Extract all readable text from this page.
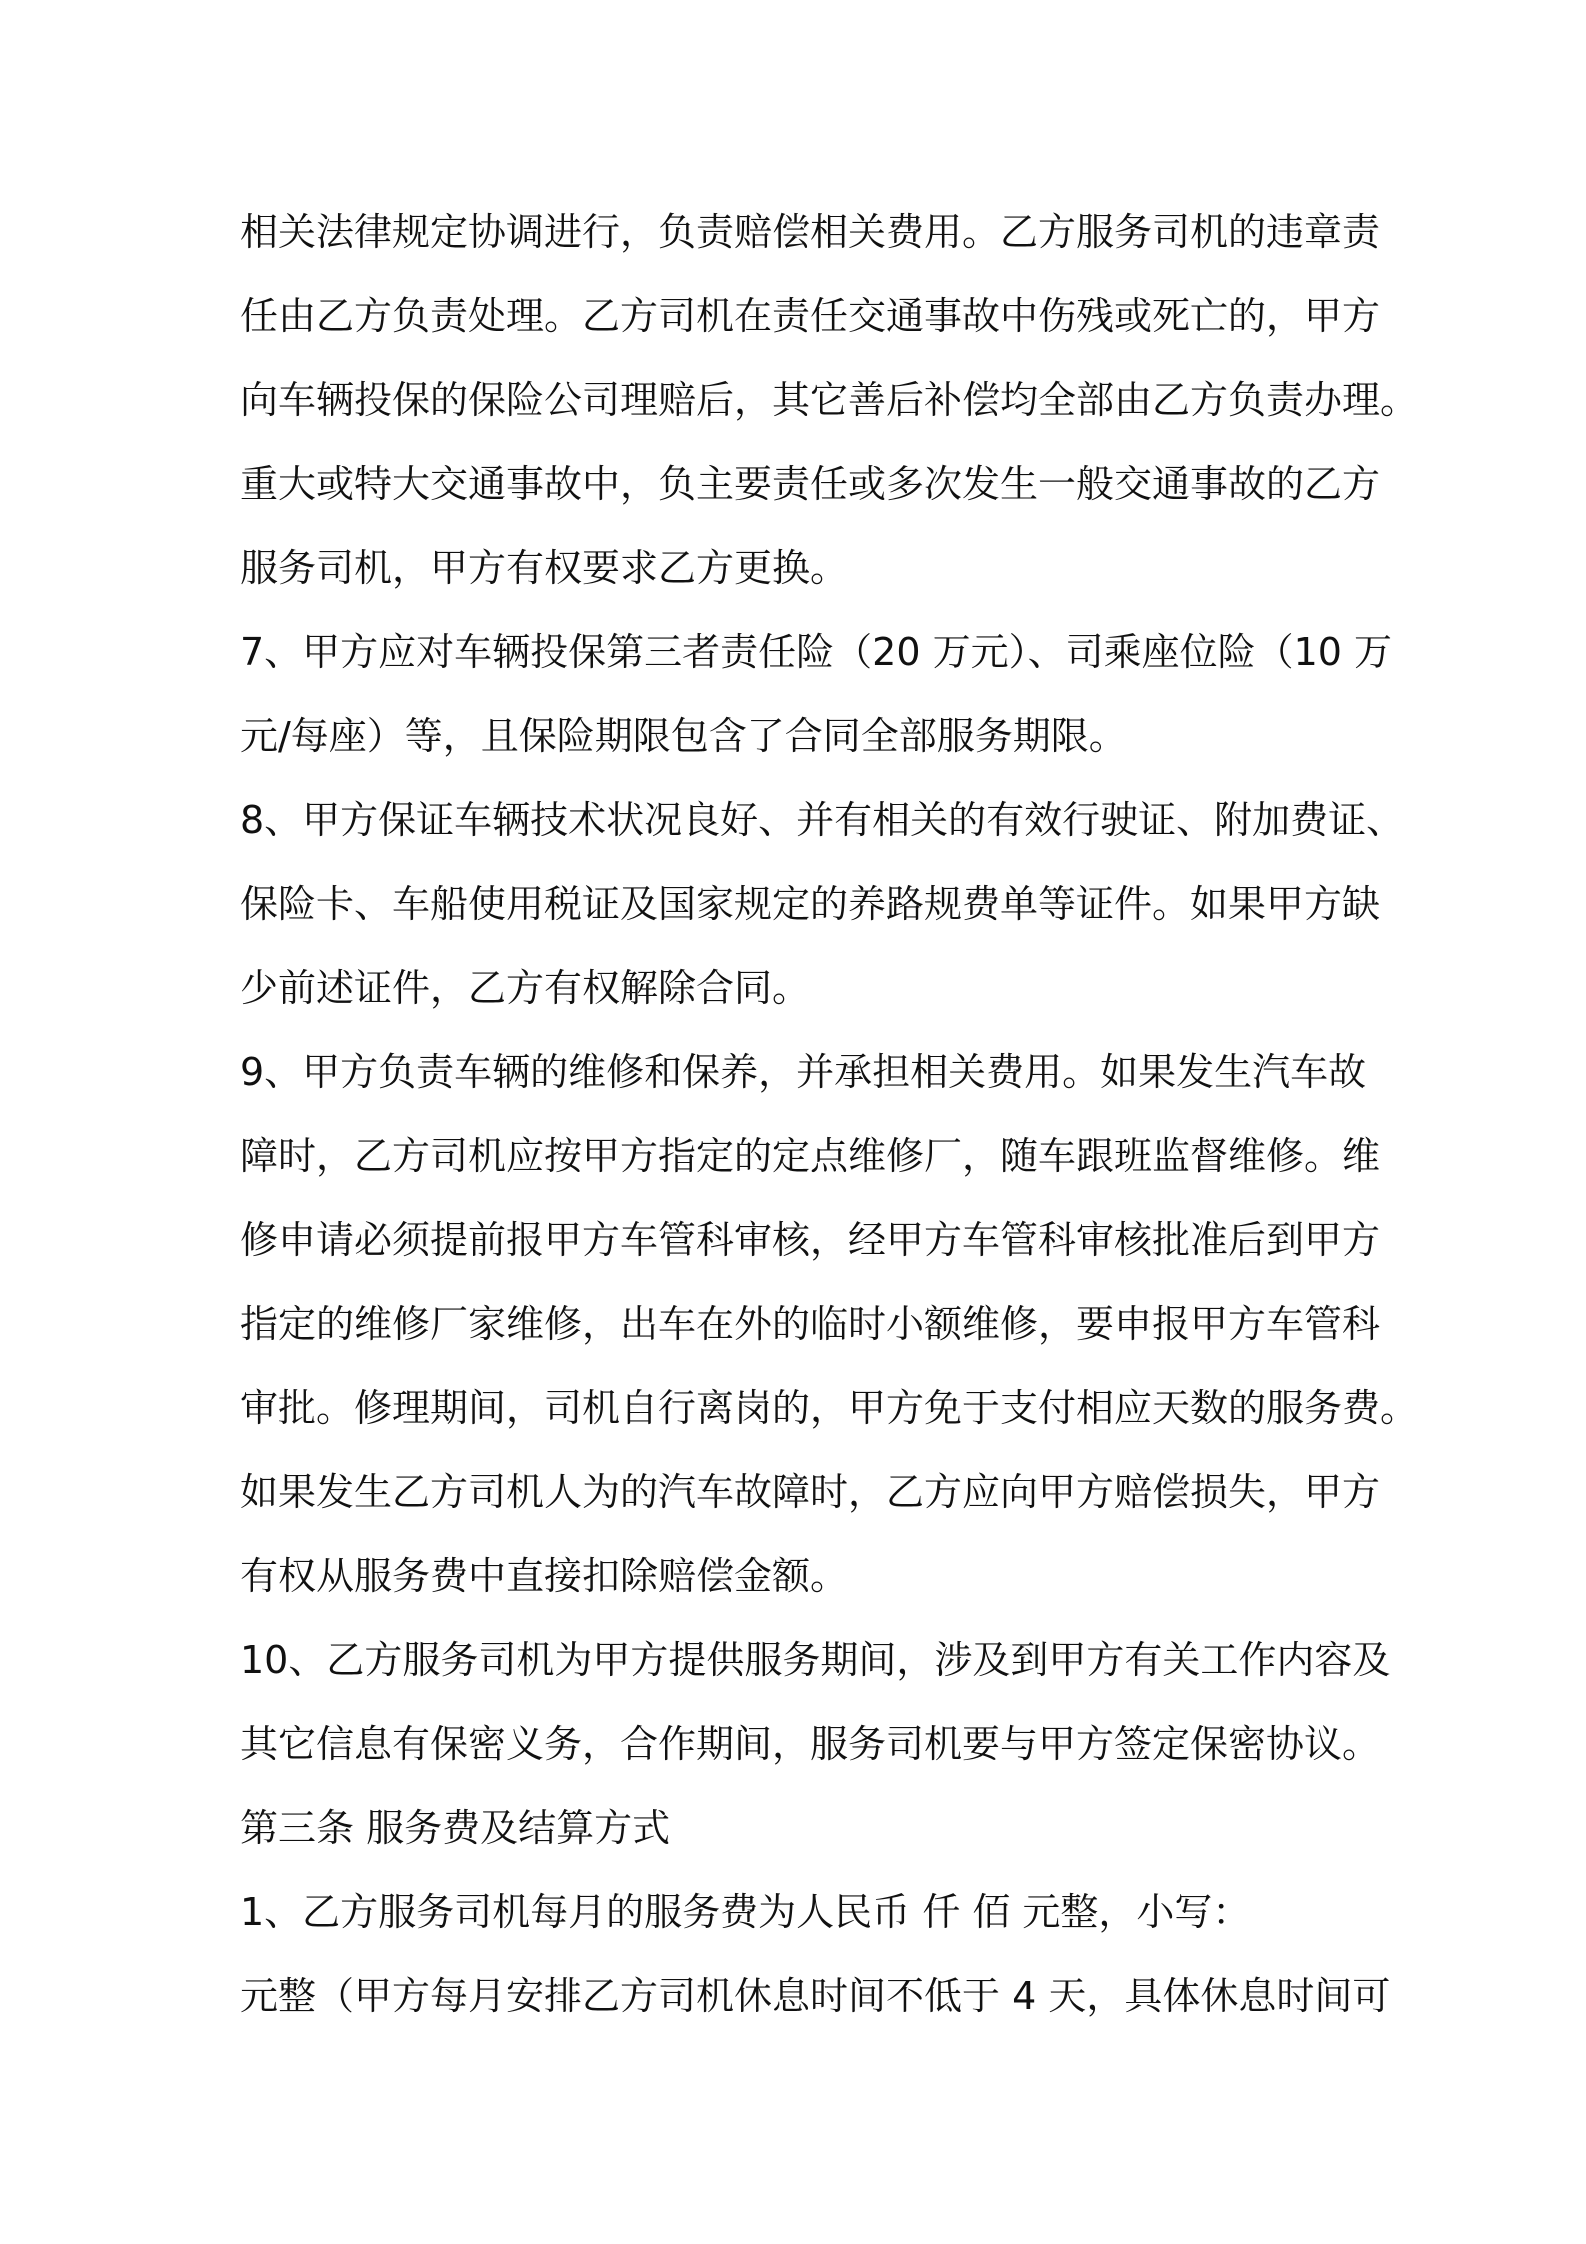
相关法律规定协调进行，负责赔偿相关费用。乙方服务司机的违章责
任由乙方负责处理。乙方司机在责任交通事故中伤残或死亡的，甲方
向车辆投保的保险公司理赔后，其它善后补偿均全部由乙方负责办理。
重大或特大交通事故中，负主要责任或多次发生一般交通事故的乙方
服务司机，甲方有权要求乙方更换。
7、甲方应对车辆投保第三者责任险（20 万元）、司乘座位险（10 万
元/每座）等，且保险期限包含了合同全部服务期限。
8、甲方保证车辆技术状况良好、并有相关的有效行驶证、附加费证、
保险卡、车船使用税证及国家规定的养路规费单等证件。如果甲方缺
少前述证件，乙方有权解除合同。
9、甲方负责车辆的维修和保养，并承担相关费用。如果发生汽车故
障时，乙方司机应按甲方指定的定点维修厂，随车跟班监督维修。维
修申请必须提前报甲方车管科审核，经甲方车管科审核批准后到甲方
指定的维修厂家维修，出车在外的临时小额维修，要申报甲方车管科
审批。修理期间，司机自行离岗的，甲方免于支付相应天数的服务费。
如果发生乙方司机人为的汽车故障时，乙方应向甲方赔偿损失，甲方
有权从服务费中直接扣除赔偿金额。
10、乙方服务司机为甲方提供服务期间，涉及到甲方有关工作内容及
其它信息有保密义务，合作期间，服务司机要与甲方签定保密协议。
第三条 服务费及结算方式
1、乙方服务司机每月的服务费为人民币 仟 佰 元整，小写：
元整（甲方每月安排乙方司机休息时间不低于 4 天，具体休息时间可
